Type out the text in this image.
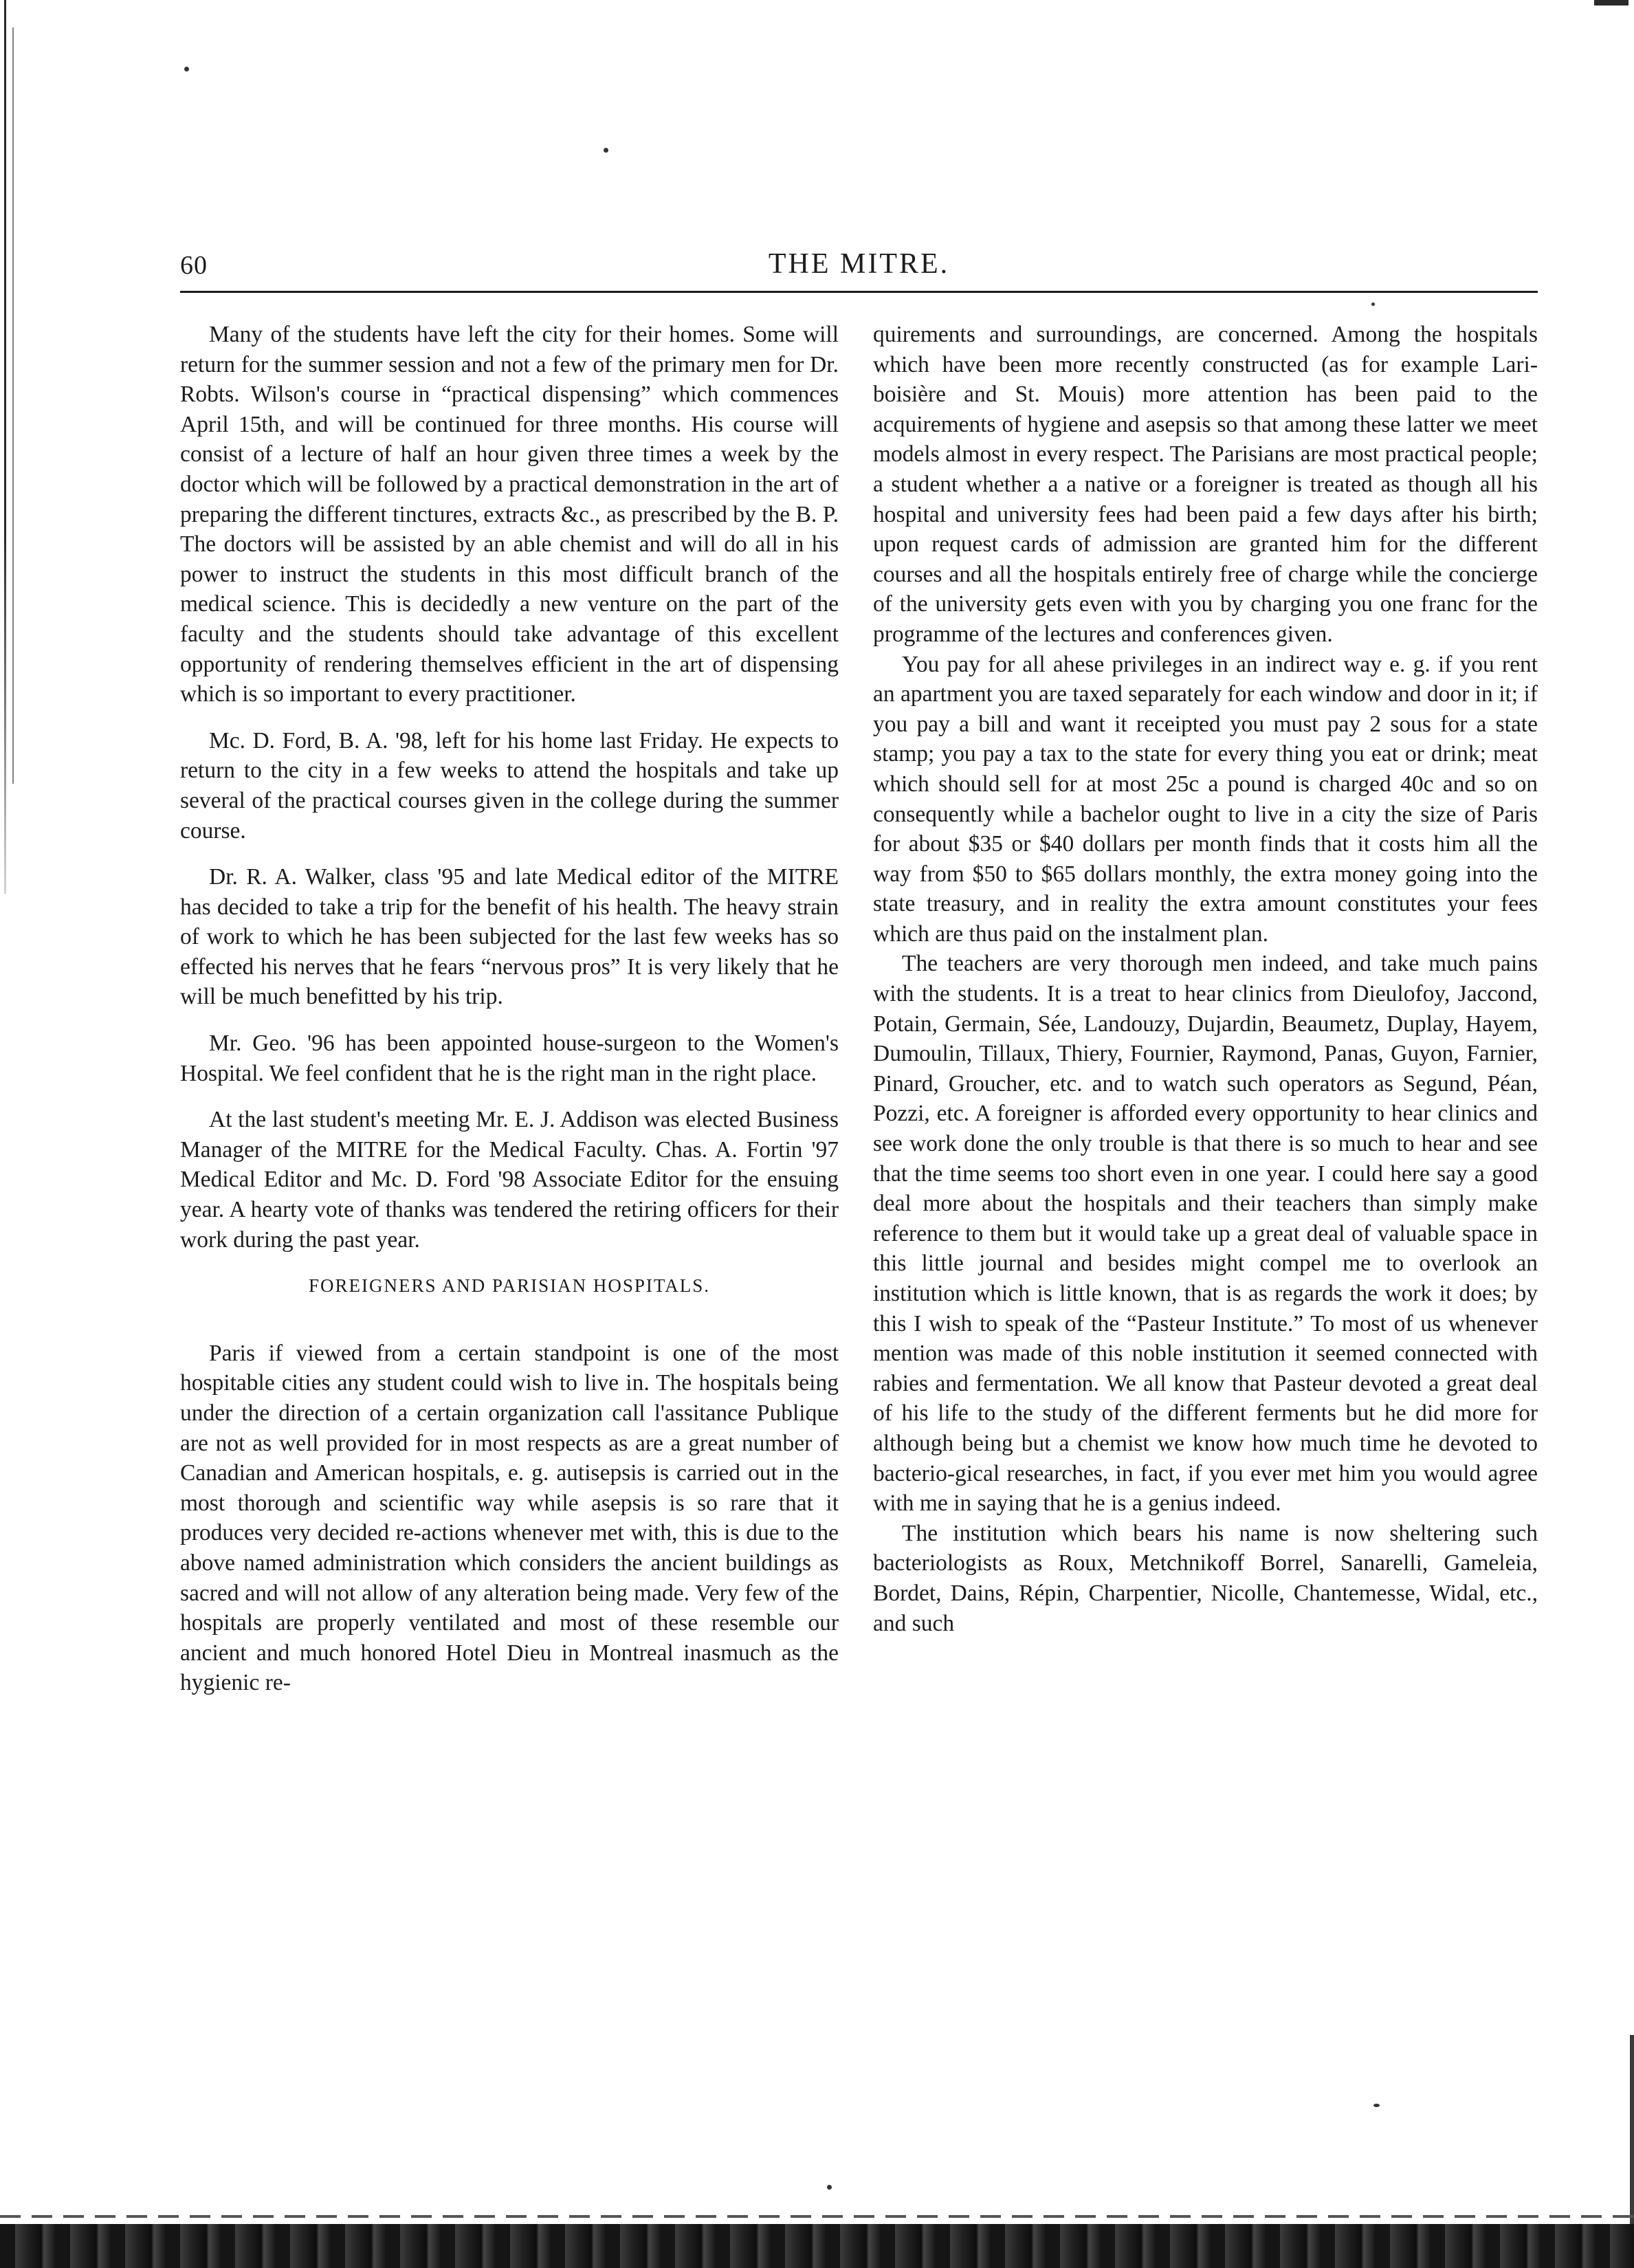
60	THE MITRE.

Many of the students have left the city for their homes. Some will return for the summer session and not a few of the primary men for Dr. Robts. Wilson's course in “practical dispensing” which commences April 15th, and will be continued for three months. His course will consist of a lecture of half an hour given three times a week by the doctor which will be followed by a practical demonstration in the art of preparing the different tinctures, extracts &c., as prescribed by the B. P. The doctors will be assisted by an able chemist and will do all in his power to instruct the students in this most difficult branch of the medical science. This is decidedly a new venture on the part of the faculty and the students should take advantage of this excellent opportunity of rendering themselves efficient in the art of dispensing which is so important to every practitioner.

Mc. D. Ford, B. A. '98, left for his home last Friday. He expects to return to the city in a few weeks to attend the hospitals and take up several of the practical courses given in the college during the summer course.

Dr. R. A. Walker, class '95 and late Medical editor of the MITRE has decided to take a trip for the benefit of his health. The heavy strain of work to which he has been subjected for the last few weeks has so effected his nerves that he fears “nervous pros” It is very likely that he will be much benefitted by his trip.

Mr. Geo. '96 has been appointed house-surgeon to the Women's Hospital. We feel confident that he is the right man in the right place.

At the last student's meeting Mr. E. J. Addison was elected Business Manager of the MITRE for the Medical Faculty. Chas. A. Fortin '97 Medical Editor and Mc. D. Ford '98 Associate Editor for the ensuing year. A hearty vote of thanks was tendered the retiring officers for their work during the past year.

FOREIGNERS AND PARISIAN HOSPITALS.

Paris if viewed from a certain standpoint is one of the most hospitable cities any student could wish to live in. The hospitals being under the direction of a certain organization call l'assitance Publique are not as well provided for in most respects as are a great number of Canadian and American hospitals, e. g. autisepsis is carried out in the most thorough and scientific way while asepsis is so rare that it produces very decided re-actions whenever met with, this is due to the above named administration which considers the ancient buildings as sacred and will not allow of any alteration being made. Very few of the hospitals are properly ventilated and most of these resemble our ancient and much honored Hotel Dieu in Montreal inasmuch as the hygienic re-

quirements and surroundings, are concerned. Among the hospitals which have been more recently constructed (as for example Lari-boisière and St. Mouis) more attention has been paid to the acquirements of hygiene and asepsis so that among these latter we meet models almost in every respect. The Parisians are most practical people; a student whether a a native or a foreigner is treated as though all his hospital and university fees had been paid a few days after his birth; upon request cards of admission are granted him for the different courses and all the hospitals entirely free of charge while the concierge of the university gets even with you by charging you one franc for the programme of the lectures and conferences given.

You pay for all ahese privileges in an indirect way e. g. if you rent an apartment you are taxed separately for each window and door in it; if you pay a bill and want it receipted you must pay 2 sous for a state stamp; you pay a tax to the state for every thing you eat or drink; meat which should sell for at most 25c a pound is charged 40c and so on consequently while a bachelor ought to live in a city the size of Paris for about $35 or $40 dollars per month finds that it costs him all the way from $50 to $65 dollars monthly, the extra money going into the state treasury, and in reality the extra amount constitutes your fees which are thus paid on the instalment plan.

The teachers are very thorough men indeed, and take much pains with the students. It is a treat to hear clinics from Dieulofoy, Jaccond, Potain, Germain, Sée, Landouzy, Dujardin, Beaumetz, Duplay, Hayem, Dumoulin, Tillaux, Thiery, Fournier, Raymond, Panas, Guyon, Farnier, Pinard, Groucher, etc. and to watch such operators as Segund, Péan, Pozzi, etc. A foreigner is afforded every opportunity to hear clinics and see work done the only trouble is that there is so much to hear and see that the time seems too short even in one year. I could here say a good deal more about the hospitals and their teachers than simply make reference to them but it would take up a great deal of valuable space in this little journal and besides might compel me to overlook an institution which is little known, that is as regards the work it does; by this I wish to speak of the “Pasteur Institute.” To most of us whenever mention was made of this noble institution it seemed connected with rabies and fermentation. We all know that Pasteur devoted a great deal of his life to the study of the different ferments but he did more for although being but a chemist we know how much time he devoted to bacterio-gical researches, in fact, if you ever met him you would agree with me in saying that he is a genius indeed.

The institution which bears his name is now sheltering such bacteriologists as Roux, Metchnikoff Borrel, Sanarelli, Gameleia, Bordet, Dains, Répin, Charpentier, Nicolle, Chantemesse, Widal, etc., and such
